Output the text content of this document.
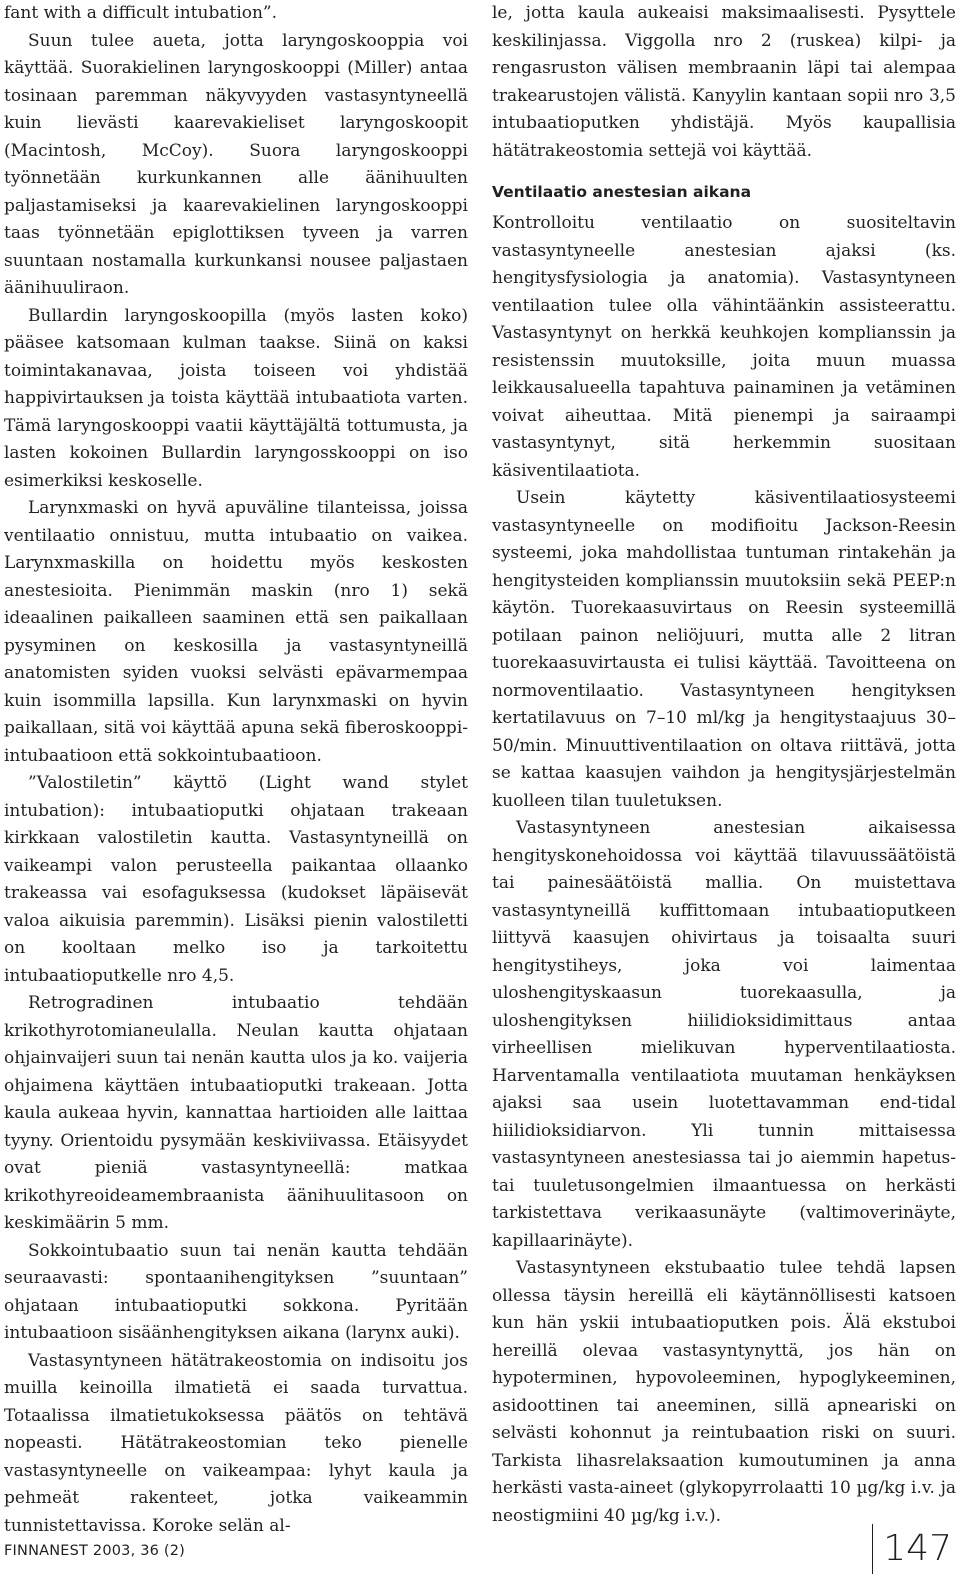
fant with a difficult intubation”.

Suun tulee aueta, jotta laryngoskooppia voi käyttää. Suorakielinen laryngoskooppi (Miller) antaa tosinaan paremman näkyvyyden vastasyntyneellä kuin lievästi kaarevakieliset laryngoskoopit (Macintosh, McCoy). Suora laryngoskooppi työnnetään kurkunkannen alle äänihuulten paljastamiseksi ja kaarevakielinen laryngoskooppi taas työnnetään epiglottiksen tyveen ja varren suuntaan nostamalla kurkunkansi nousee paljastaen äänihuuliraon.

Bullardin laryngoskoopilla (myös lasten koko) pääsee katsomaan kulman taakse. Siinä on kaksi toimintakanavaa, joista toiseen voi yhdistää happivirtauksen ja toista käyttää intubaatiota varten. Tämä laryngoskooppi vaatii käyttäjältä tottumusta, ja lasten kokoinen Bullardin laryngosskooppi on iso esimerkiksi keskoselle.

Larynxmaski on hyvä apuväline tilanteissa, joissa ventilaatio onnistuu, mutta intubaatio on vaikea. Larynxmaskilla on hoidettu myös keskosten anestesioita. Pienimmän maskin (nro 1) sekä ideaalinen paikalleen saaminen että sen paikallaan pysyminen on keskosilla ja vastasyntyneillä anatomisten syiden vuoksi selvästi epävarmempaa kuin isommilla lapsilla. Kun larynxmaski on hyvin paikallaan, sitä voi käyttää apuna sekä fiberoskooppi-intubaatioon että sokkointubaatioon.

”Valostiletin” käyttö (Light wand stylet intubation): intubaatioputki ohjataan trakeaan kirkkaan valostiletin kautta. Vastasyntyneillä on vaikeampi valon perusteella paikantaa ollaanko trakeassa vai esofaguksessa (kudokset läpäisevät valoa aikuisia paremmin). Lisäksi pienin valostiletti on kooltaan melko iso ja tarkoitettu intubaatioputkelle nro 4,5.

Retrogradinen intubaatio tehdään krikothyrotomianeulalla. Neulan kautta ohjataan ohjainvaijeri suun tai nenän kautta ulos ja ko. vaijeria ohjaimena käyttäen intubaatioputki trakeaan. Jotta kaula aukeaa hyvin, kannattaa hartioiden alle laittaa tyyny. Orientoidu pysymään keskiviivassa. Etäisyydet ovat pieniä vastasyntyneellä: matkaa krikothyreoideamembraanista äänihuulitasoon on keskimäärin 5 mm.

Sokkointubaatio suun tai nenän kautta tehdään seuraavasti: spontaanihengityksen ”suuntaan” ohjataan intubaatioputki sokkona. Pyritään intubaatioon sisäänhengityksen aikana (larynx auki).

Vastasyntyneen hätätrakeostomia on indisoitu jos muilla keinoilla ilmatietä ei saada turvattua. Totaalissa ilmatietukoksessa päätös on tehtävä nopeasti. Hätätrakeostomian teko pienelle vastasyntyneelle on vaikeampaa: lyhyt kaula ja pehmeät rakenteet, jotka vaikeammin tunnistettavissa. Koroke selän al-

le, jotta kaula aukeaisi maksimaalisesti. Pysyttele keskilinjassa. Viggolla nro 2 (ruskea) kilpi- ja rengasruston välisen membraanin läpi tai alempaa trakearustojen välistä. Kanyylin kantaan sopii nro 3,5 intubaatioputken yhdistäjä. Myös kaupallisia hätätrakeostomia settejä voi käyttää.

Ventilaatio anestesian aikana

Kontrolloitu ventilaatio on suositeltavin vastasyntyneelle anestesian ajaksi (ks. hengitysfysiologia ja anatomia). Vastasyntyneen ventilaation tulee olla vähintäänkin assisteerattu. Vastasyntynyt on herkkä keuhkojen komplianssin ja resistenssin muutoksille, joita muun muassa leikkausalueella tapahtuva painaminen ja vetäminen voivat aiheuttaa. Mitä pienempi ja sairaampi vastasyntynyt, sitä herkemmin suositaan käsiventilaatiota.

Usein käytetty käsiventilaatiosysteemi vastasyntyneelle on modifioitu Jackson-Reesin systeemi, joka mahdollistaa tuntuman rintakehän ja hengitysteiden komplianssin muutoksiin sekä PEEP:n käytön. Tuorekaasuvirtaus on Reesin systeemillä potilaan painon neliöjuuri, mutta alle 2 litran tuorekaasuvirtausta ei tulisi käyttää. Tavoitteena on normoventilaatio. Vastasyntyneen hengityksen kertatilavuus on 7–10 ml/kg ja hengitystaajuus 30–50/min. Minuuttiventilaation on oltava riittävä, jotta se kattaa kaasujen vaihdon ja hengitysjärjestelmän kuolleen tilan tuuletuksen.

Vastasyntyneen anestesian aikaisessa hengityskonehoidossa voi käyttää tilavuussäätöistä tai painesäätöistä mallia. On muistettava vastasyntyneillä kuffittomaan intubaatioputkeen liittyvä kaasujen ohivirtaus ja toisaalta suuri hengitystiheys, joka voi laimentaa uloshengityskaasun tuorekaasulla, ja uloshengityksen hiilidioksidimittaus antaa virheellisen mielikuvan hyperventilaatiosta. Harventamalla ventilaatiota muutaman henkäyksen ajaksi saa usein luotettavamman end-tidal hiilidioksidiarvon. Yli tunnin mittaisessa vastasyntyneen anestesiassa tai jo aiemmin hapetus- tai tuuletusongelmien ilmaantuessa on herkästi tarkistettava verikaasunäyte (valtimoverinäyte, kapillaarinäyte).

Vastasyntyneen ekstubaatio tulee tehdä lapsen ollessa täysin hereillä eli käytännöllisesti katsoen kun hän yskii intubaatioputken pois. Älä ekstuboi hereillä olevaa vastasyntynyttä, jos hän on hypoterminen, hypovoleeminen, hypoglykeeminen, asidoottinen tai aneeminen, sillä apneariski on selvästi kohonnut ja reintubaation riski on suuri. Tarkista lihasrelaksaation kumoutuminen ja anna herkästi vasta-aineet (glykopyrrolaatti 10 µg/kg i.v. ja neostigmiini 40 µg/kg i.v.).

FINNANEST 2003, 36 (2)	147
